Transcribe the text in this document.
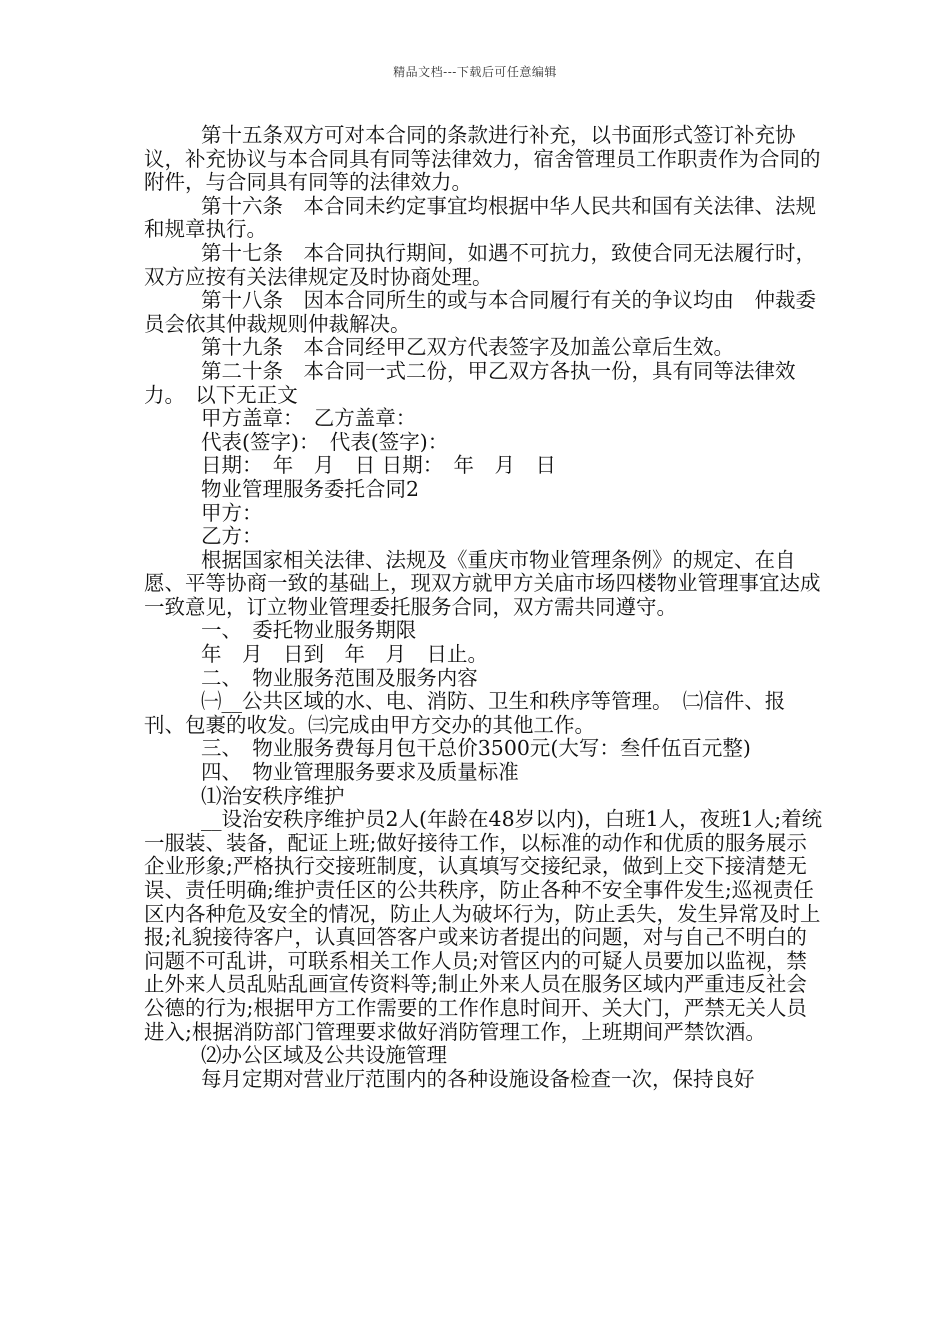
精品文档---下载后可任意编辑

第十五条双方可对本合同的条款进行补充，以书面形式签订补充协议，补充协议与本合同具有同等法律效力，宿舍管理员工作职责作为合同的附件，与合同具有同等的法律效力。

第十六条　本合同未约定事宜均根据中华人民共和国有关法律、法规和规章执行。

第十七条　本合同执行期间，如遇不可抗力，致使合同无法履行时，双方应按有关法律规定及时协商处理。

第十八条　因本合同所生的或与本合同履行有关的争议均由　仲裁委员会依其仲裁规则仲裁解决。

第十九条　本合同经甲乙双方代表签字及加盖公章后生效。

第二十条　本合同一式二份，甲乙双方各执一份，具有同等法律效力。　以下无正文

甲方盖章：　乙方盖章：

代表(签字)：　代表(签字)：

日期：　年　月　日 日期：　年　月　日

物业管理服务委托合同2

甲方：

乙方：

根据国家相关法律、法规及《重庆市物业管理条例》的规定、在自愿、平等协商一致的基础上，现双方就甲方关庙市场四楼物业管理事宜达成一致意见，订立物业管理委托服务合同，双方需共同遵守。

一、　委托物业服务期限

年　月　日到　年　月　日止。

二、　物业服务范围及服务内容

㈠__公共区域的水、电、消防、卫生和秩序等管理。　㈡信件、报刊、包裹的收发。㈢完成由甲方交办的其他工作。

三、　物业服务费每月包干总价3500元(大写：叁仟伍百元整)

四、　物业管理服务要求及质量标准

⑴治安秩序维护

__设治安秩序维护员2人(年龄在48岁以内)，白班1人，夜班1人;着统一服装、装备，配证上班;做好接待工作，以标准的动作和优质的服务展示企业形象;严格执行交接班制度，认真填写交接纪录，做到上交下接清楚无误、责任明确;维护责任区的公共秩序，防止各种不安全事件发生;巡视责任区内各种危及安全的情况，防止人为破坏行为，防止丢失，发生异常及时上报;礼貌接待客户，认真回答客户或来访者提出的问题，对与自己不明白的问题不可乱讲，可联系相关工作人员;对管区内的可疑人员要加以监视，禁止外来人员乱贴乱画宣传资料等;制止外来人员在服务区域内严重违反社会公德的行为;根据甲方工作需要的工作作息时间开、关大门，严禁无关人员进入;根据消防部门管理要求做好消防管理工作，上班期间严禁饮酒。

⑵办公区域及公共设施管理

每月定期对营业厅范围内的各种设施设备检查一次，保持良好
